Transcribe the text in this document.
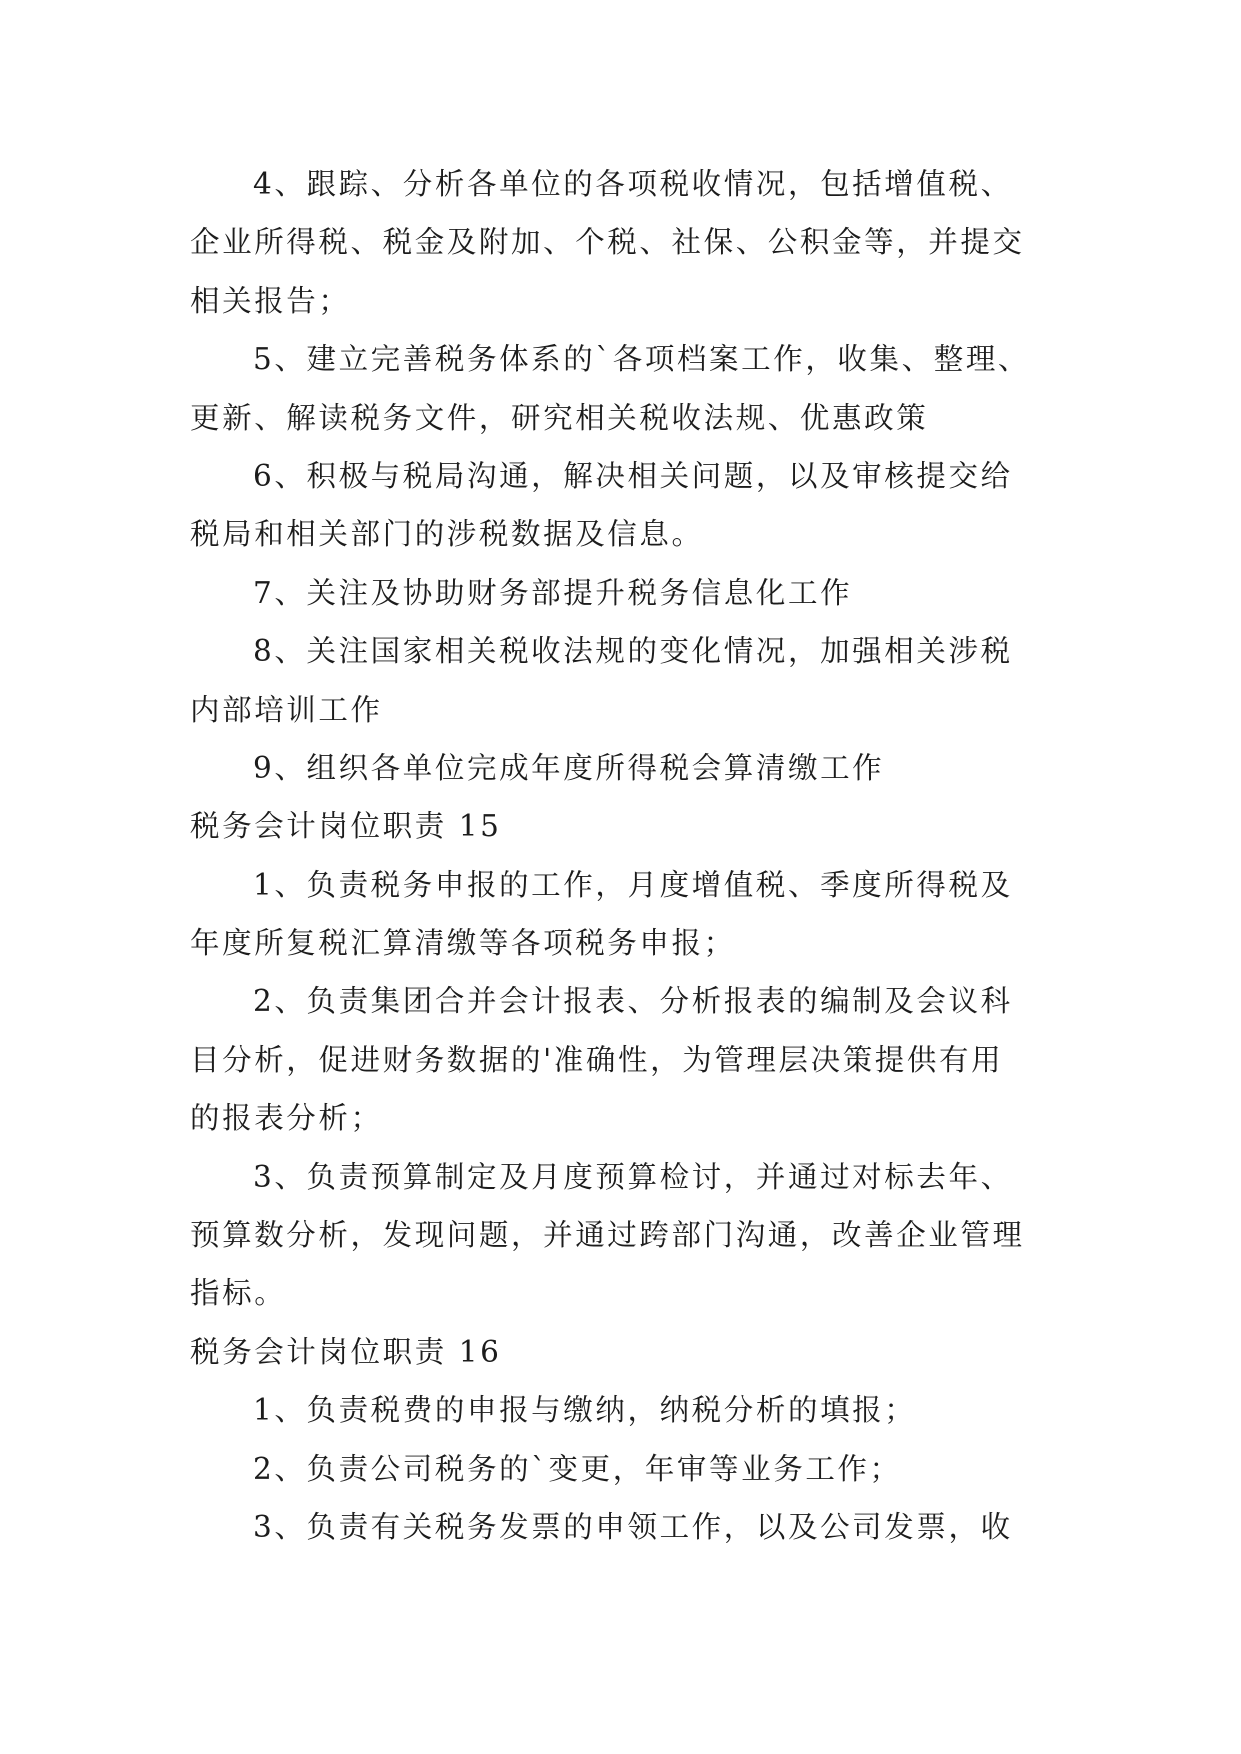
4、跟踪、分析各单位的各项税收情况，包括增值税、
企业所得税、税金及附加、个税、社保、公积金等，并提交
相关报告；
5、建立完善税务体系的`各项档案工作，收集、整理、
更新、解读税务文件，研究相关税收法规、优惠政策
6、积极与税局沟通，解决相关问题，以及审核提交给
税局和相关部门的涉税数据及信息。
7、关注及协助财务部提升税务信息化工作
8、关注国家相关税收法规的变化情况，加强相关涉税
内部培训工作
9、组织各单位完成年度所得税会算清缴工作
税务会计岗位职责 15
1、负责税务申报的工作，月度增值税、季度所得税及
年度所复税汇算清缴等各项税务申报；
2、负责集团合并会计报表、分析报表的编制及会议科
目分析，促进财务数据的'准确性，为管理层决策提供有用
的报表分析；
3、负责预算制定及月度预算检讨，并通过对标去年、
预算数分析，发现问题，并通过跨部门沟通，改善企业管理
指标。
税务会计岗位职责 16
1、负责税费的申报与缴纳，纳税分析的填报；
2、负责公司税务的`变更，年审等业务工作；
3、负责有关税务发票的申领工作，以及公司发票，收
